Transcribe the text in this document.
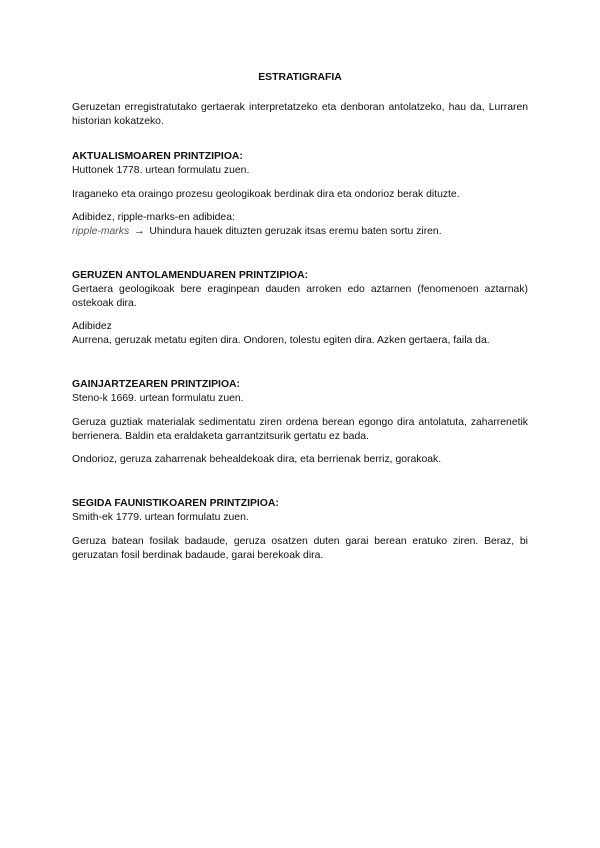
ESTRATIGRAFIA

Geruzetan erregistratutako gertaerak interpretatzeko eta denboran antolatzeko, hau da, Lurraren historian kokatzeko.

AKTUALISMOAREN PRINTZIPIOA:

Huttonek 1778. urtean formulatu zuen.

Iraganeko eta oraingo prozesu geologikoak berdinak dira eta ondorioz berak dituzte.

Adibidez, ripple-marks-en adibidea:

ripple-marks → Uhindura hauek dituzten geruzak itsas eremu baten sortu ziren.

GERUZEN ANTOLAMENDUAREN PRINTZIPIOA:

Gertaera geologikoak bere eraginpean dauden arroken edo aztarnen (fenomenoen aztarnak) ostekoak dira.

Adibidez

Aurrena, geruzak metatu egiten dira. Ondoren, tolestu egiten dira. Azken gertaera, faila da.

GAINJARTZEAREN PRINTZIPIOA:

Steno-k 1669. urtean formulatu zuen.

Geruza guztiak materialak sedimentatu ziren ordena berean egongo dira antolatuta, zaharrenetik berrienera. Baldin eta eraldaketa garrantzitsurik gertatu ez bada.

Ondorioz, geruza zaharrenak behealdekoak dira, eta berrienak berriz, gorakoak.

SEGIDA FAUNISTIKOAREN PRINTZIPIOA:

Smith-ek 1779. urtean formulatu zuen.

Geruza batean fosilak badaude, geruza osatzen duten garai berean eratuko ziren. Beraz, bi geruzatan fosil berdinak badaude, garai berekoak dira.
